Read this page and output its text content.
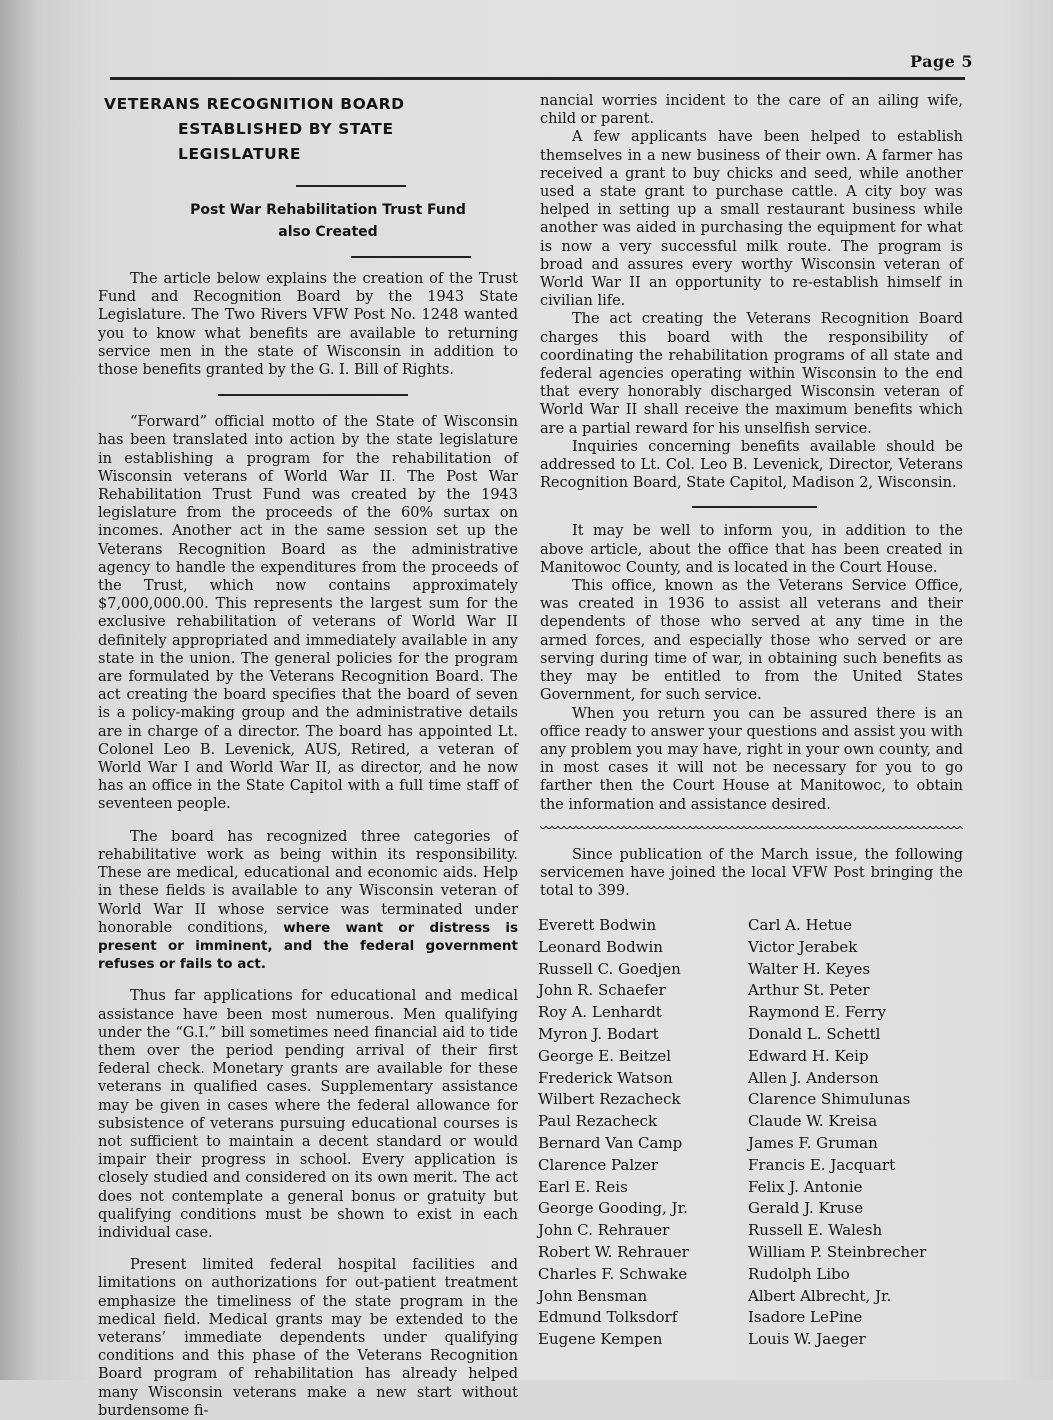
Page 5
VETERANS RECOGNITION BOARD
ESTABLISHED BY STATE LEGISLATURE
Post War Rehabilitation Trust Fund
also Created

The article below explains the creation of the Trust Fund and Recognition Board by the 1943 State Legislature. The Two Rivers VFW Post No. 1248 wanted you to know what benefits are available to returning service men in the state of Wisconsin in addition to those benefits granted by the G. I. Bill of Rights.

“Forward” official motto of the State of Wisconsin has been translated into action by the state legislature in establishing a program for the rehabilitation of Wisconsin veterans of World War II. The Post War Rehabilitation Trust Fund was created by the 1943 legislature from the proceeds of the 60% surtax on incomes. Another act in the same session set up the Veterans Recognition Board as the administrative agency to handle the expenditures from the proceeds of the Trust, which now contains approximately $7,000,000.00. This represents the largest sum for the exclusive rehabilitation of veterans of World War II definitely appropriated and immediately available in any state in the union. The general policies for the program are formulated by the Veterans Recognition Board. The act creating the board specifies that the board of seven is a policy-making group and the administrative details are in charge of a director. The board has appointed Lt. Colonel Leo B. Levenick, AUS, Retired, a veteran of World War I and World War II, as director, and he now has an office in the State Capitol with a full time staff of seventeen people.

The board has recognized three categories of rehabilitative work as being within its responsibility. These are medical, educational and economic aids. Help in these fields is available to any Wisconsin veteran of World War II whose service was terminated under honorable conditions, where want or distress is present or imminent, and the federal government refuses or fails to act.

Thus far applications for educational and medical assistance have been most numerous. Men qualifying under the “G.I.” bill sometimes need financial aid to tide them over the period pending arrival of their first federal check. Monetary grants are available for these veterans in qualified cases. Supplementary assistance may be given in cases where the federal allowance for subsistence of veterans pursuing educational courses is not sufficient to maintain a decent standard or would impair their progress in school. Every application is closely studied and considered on its own merit. The act does not contemplate a general bonus or gratuity but qualifying conditions must be shown to exist in each individual case.

Present limited federal hospital facilities and limitations on authorizations for out-patient treatment emphasize the timeliness of the state program in the medical field. Medical grants may be extended to the veterans’ immediate dependents under qualifying conditions and this phase of the Veterans Recognition Board program of rehabilitation has already helped many Wisconsin veterans make a new start without burdensome fi-

nancial worries incident to the care of an ailing wife, child or parent.

A few applicants have been helped to establish themselves in a new business of their own. A farmer has received a grant to buy chicks and seed, while another used a state grant to purchase cattle. A city boy was helped in setting up a small restaurant business while another was aided in purchasing the equipment for what is now a very successful milk route. The program is broad and assures every worthy Wisconsin veteran of World War II an opportunity to re-establish himself in civilian life.

The act creating the Veterans Recognition Board charges this board with the responsibility of coordinating the rehabilitation programs of all state and federal agencies operating within Wisconsin to the end that every honorably discharged Wisconsin veteran of World War II shall receive the maximum benefits which are a partial reward for his unselfish service.

Inquiries concerning benefits available should be addressed to Lt. Col. Leo B. Levenick, Director, Veterans Recognition Board, State Capitol, Madison 2, Wisconsin.

It may be well to inform you, in addition to the above article, about the office that has been created in Manitowoc County, and is located in the Court House.

This office, known as the Veterans Service Office, was created in 1936 to assist all veterans and their dependents of those who served at any time in the armed forces, and especially those who served or are serving during time of war, in obtaining such benefits as they may be entitled to from the United States Government, for such service.

When you return you can be assured there is an office ready to answer your questions and assist you with any problem you may have, right in your own county, and in most cases it will not be necessary for you to go farther then the Court House at Manitowoc, to obtain the information and assistance desired.

Since publication of the March issue, the following servicemen have joined the local VFW Post bringing the total to 399.

Everett Bodwin
Leonard Bodwin
Russell C. Goedjen
John R. Schaefer
Roy A. Lenhardt
Myron J. Bodart
George E. Beitzel
Frederick Watson
Wilbert Rezacheck
Paul Rezacheck
Bernard Van Camp
Clarence Palzer
Earl E. Reis
George Gooding, Jr.
John C. Rehrauer
Robert W. Rehrauer
Charles F. Schwake
John Bensman
Edmund Tolksdorf
Eugene Kempen
Carl A. Hetue
Victor Jerabek
Walter H. Keyes
Arthur St. Peter
Raymond E. Ferry
Donald L. Schettl
Edward H. Keip
Allen J. Anderson
Clarence Shimulunas
Claude W. Kreisa
James F. Gruman
Francis E. Jacquart
Felix J. Antonie
Gerald J. Kruse
Russell E. Walesh
William P. Steinbrecher
Rudolph Libo
Albert Albrecht, Jr.
Isadore LePine
Louis W. Jaeger
